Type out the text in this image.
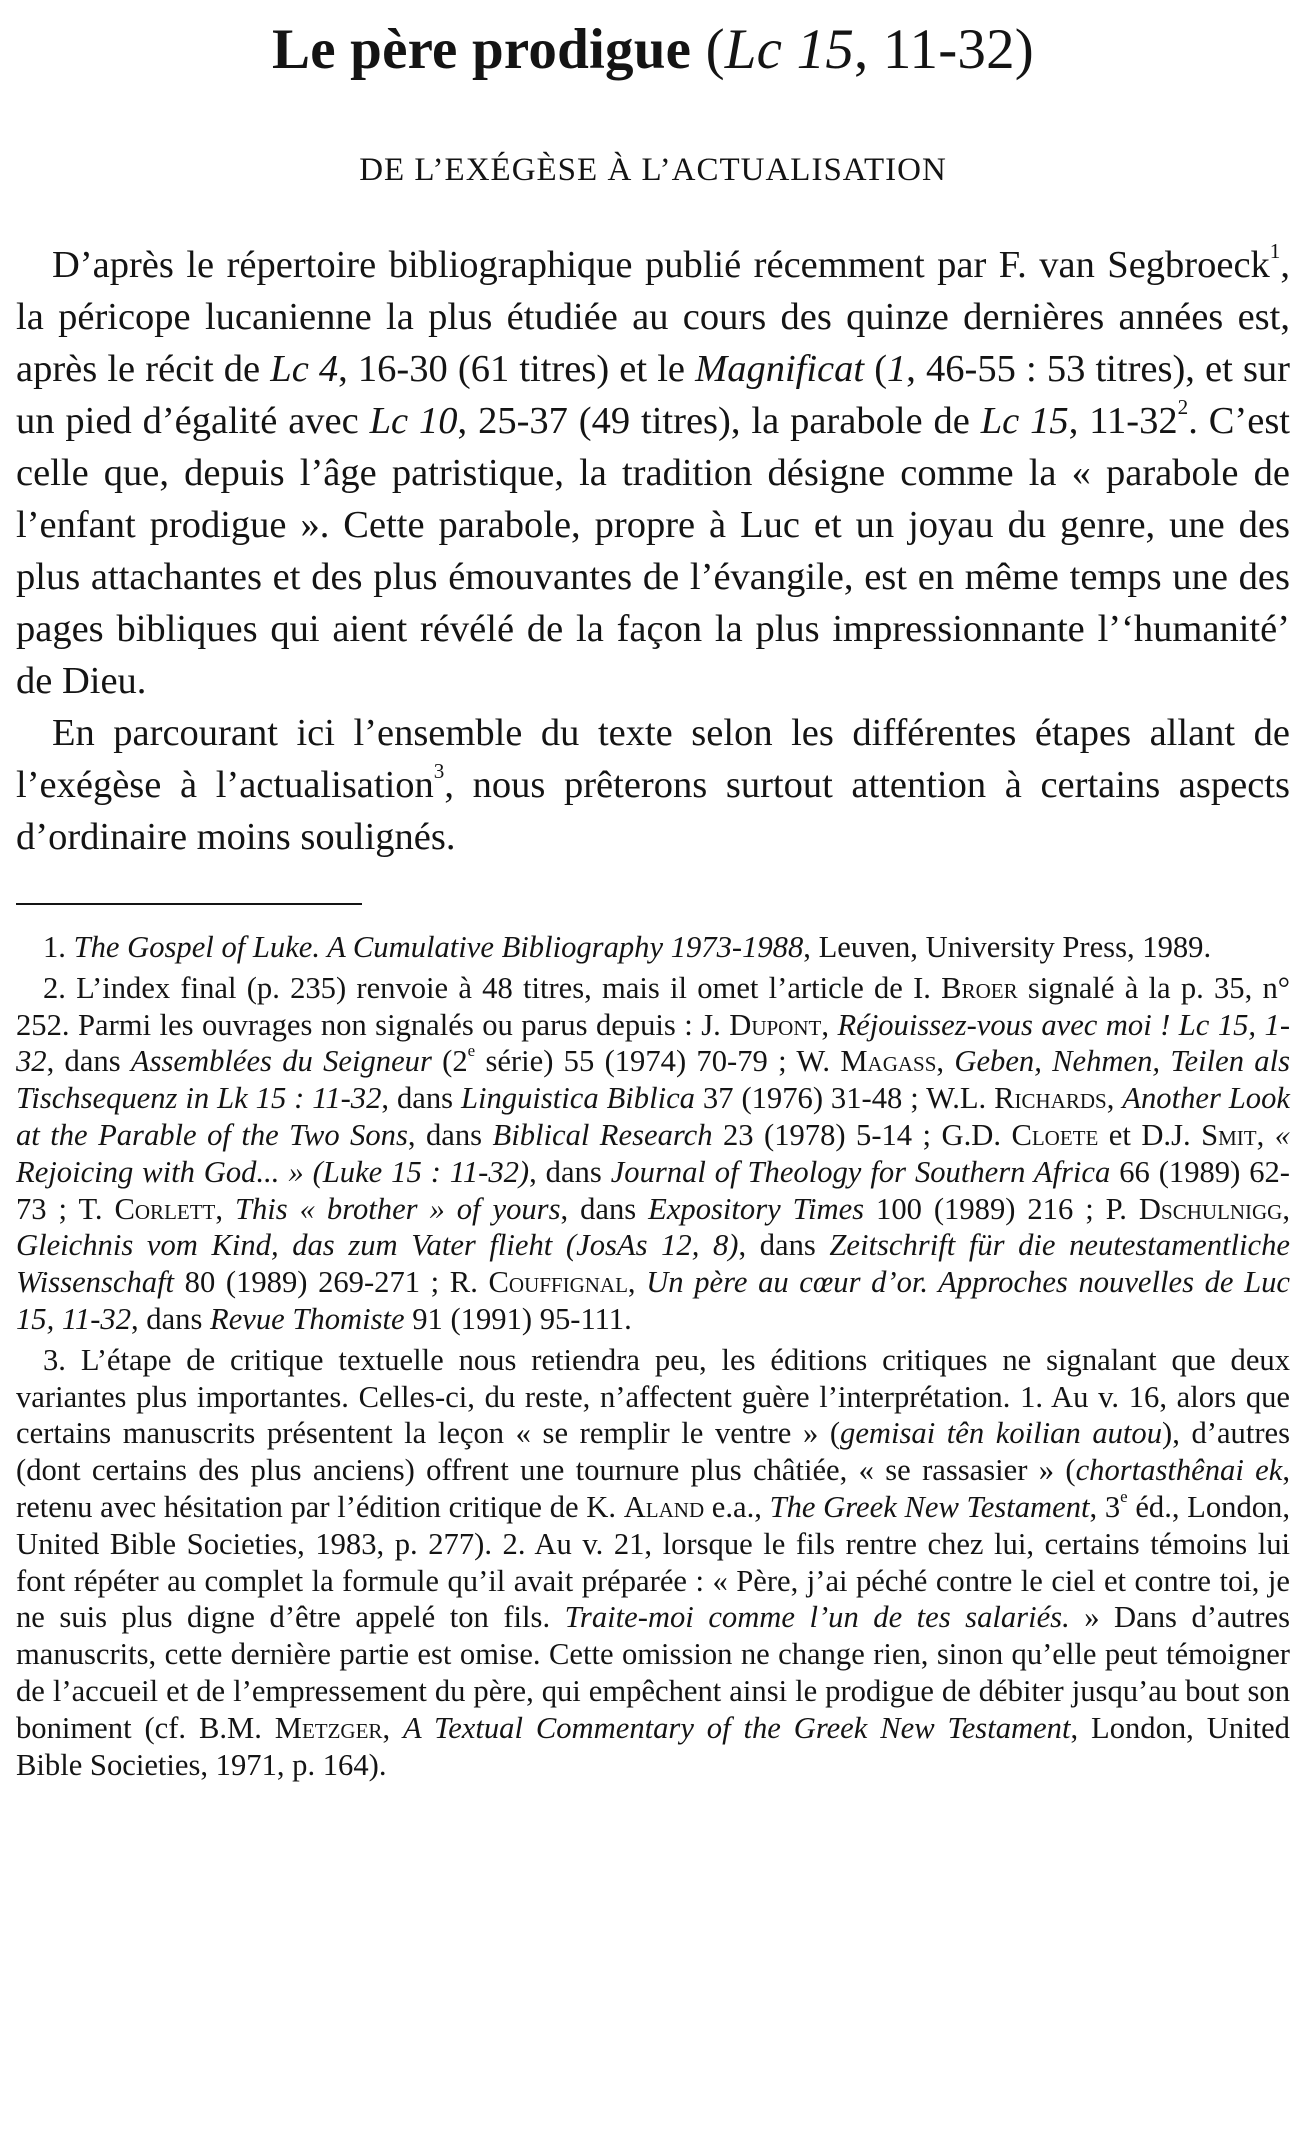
Le père prodigue (Lc 15, 11-32)
DE L’EXÉGÈSE À L’ACTUALISATION

D’après le répertoire bibliographique publié récemment par F. van Segbroeck$^1$, la péricope lucanienne la plus étudiée au cours des quinze dernières années est, après le récit de Lc 4, 16-30 (61 titres) et le Magnificat (1, 46-55 : 53 titres), et sur un pied d’égalité avec Lc 10, 25-37 (49 titres), la parabole de Lc 15, $11-32^2$. C’est celle que, depuis l’âge patristique, la tradition désigne comme la « parabole de l’enfant prodigue ». Cette parabole, propre à Luc et un joyau du genre, une des plus attachantes et des plus émouvantes de l’évangile, est en même temps une des pages bibliques qui aient révélé de la façon la plus impressionnante l’‘humanité’ de Dieu.

En parcourant ici l’ensemble du texte selon les différentes étapes allant de l’exégèse à l’actualisation$^3$, nous prêterons surtout attention à certains aspects d’ordinaire moins soulignés.

1. The Gospel of Luke. A Cumulative Bibliography 1973-1988, Leuven, University Press, 1989.

2. L’index final (p. 235) renvoie à 48 titres, mais il omet l’article de I. Broer signalé à la p. 35, n° 252. Parmi les ouvrages non signalés ou parus depuis : J. Dupont, Réjouissez-vous avec moi ! Lc 15, 1-32, dans Assemblées du Seigneur (2e série) 55 (1974) 70-79 ; W. Magass, Geben, Nehmen, Teilen als Tischsequenz in Lk 15 : 11-32, dans Linguistica Biblica 37 (1976) 31-48 ; W.L. Richards, Another Look at the Parable of the Two Sons, dans Biblical Research 23 (1978) 5-14 ; G.D. Cloete et D.J. Smit, « Rejoicing with God... » (Luke 15 : 11-32), dans Journal of Theology for Southern Africa 66 (1989) 62-73 ; T. Corlett, This « brother » of yours, dans Expository Times 100 (1989) 216 ; P. Dschulnigg, Gleichnis vom Kind, das zum Vater flieht (JosAs 12, 8), dans Zeitschrift für die neutestamentliche Wissenschaft 80 (1989) 269-271 ; R. Couffignal, Un père au cœur d’or. Approches nouvelles de Luc 15, 11-32, dans Revue Thomiste 91 (1991) 95-111.

3. L’étape de critique textuelle nous retiendra peu, les éditions critiques ne signalant que deux variantes plus importantes. Celles-ci, du reste, n’affectent guère l’interprétation. 1. Au v. 16, alors que certains manuscrits présentent la leçon « se remplir le ventre » (gemisai tên koilian autou), d’autres (dont certains des plus anciens) offrent une tournure plus châtiée, « se rassasier » (chortasthênai ek, retenu avec hésitation par l’édition critique de K. Aland e.a., The Greek New Testament, 3e éd., London, United Bible Societies, 1983, p. 277). 2. Au v. 21, lorsque le fils rentre chez lui, certains témoins lui font répéter au complet la formule qu’il avait préparée : « Père, j’ai péché contre le ciel et contre toi, je ne suis plus digne d’être appelé ton fils. Traite-moi comme l’un de tes salariés. » Dans d’autres manuscrits, cette dernière partie est omise. Cette omission ne change rien, sinon qu’elle peut témoigner de l’accueil et de l’empressement du père, qui empêchent ainsi le prodigue de débiter jusqu’au bout son boniment (cf. B.M. Metzger, A Textual Commentary of the Greek New Testament, London, United Bible Societies, 1971, p. 164).
